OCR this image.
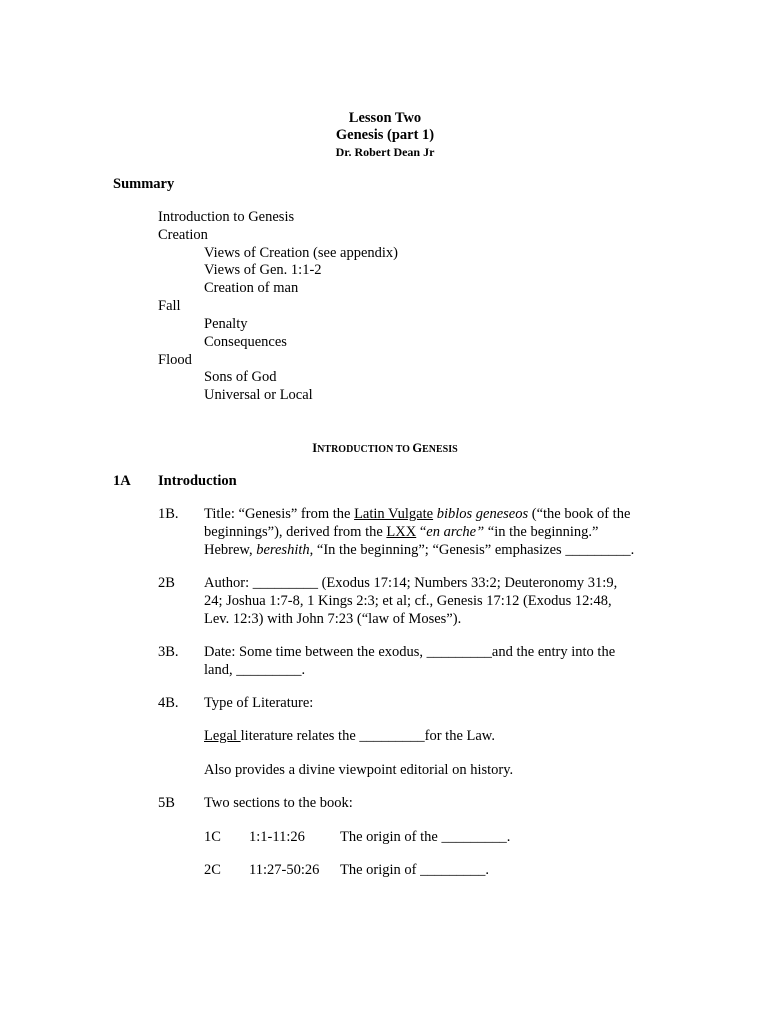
Lesson Two
Genesis (part 1)
Dr. Robert Dean Jr
Summary
Introduction to Genesis
Creation
Views of Creation (see appendix)
Views of Gen. 1:1-2
Creation of man
Fall
Penalty
Consequences
Flood
Sons of God
Universal or Local
INTRODUCTION TO GENESIS
1A Introduction
1B. Title: “Genesis” from the Latin Vulgate biblos geneseos (“the book of the
beginnings”), derived from the LXX “en arche” “in the beginning.”
Hebrew, bereshith, “In the beginning”; “Genesis” emphasizes _________.
2B Author: _________ (Exodus 17:14; Numbers 33:2; Deuteronomy 31:9,
24; Joshua 1:7-8, 1 Kings 2:3; et al; cf., Genesis 17:12 (Exodus 12:48,
Lev. 12:3) with John 7:23 (“law of Moses”).
3B. Date: Some time between the exodus, _________and the entry into the
land, _________.
4B. Type of Literature:
Legal literature relates the _________for the Law.
Also provides a divine viewpoint editorial on history.
5B Two sections to the book:
1C 1:1-11:26 The origin of the _________.
2C 11:27-50:26 The origin of _________.
